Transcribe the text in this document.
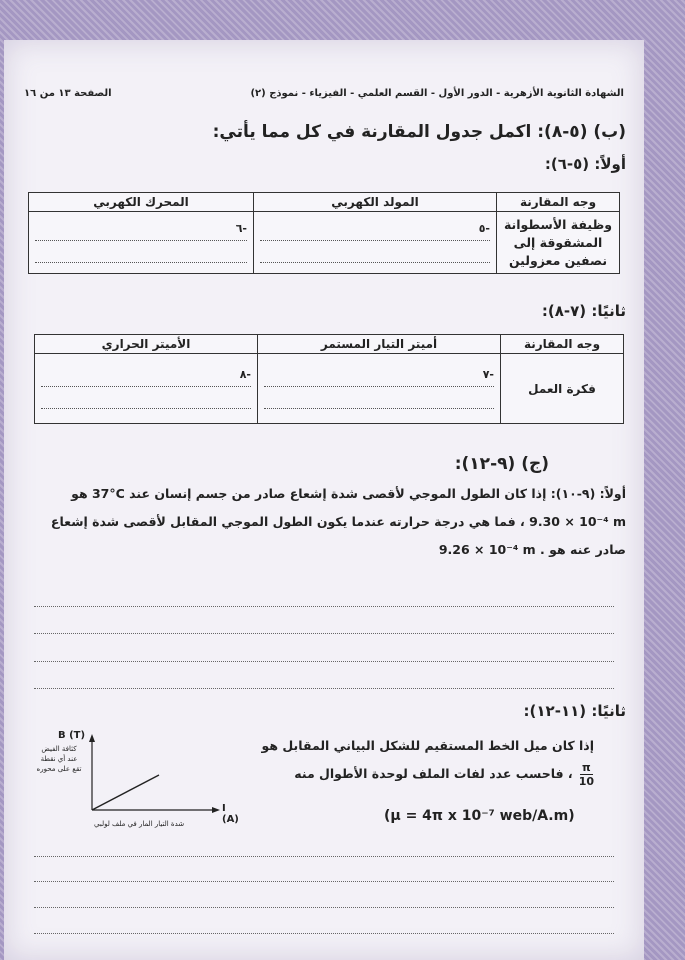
الشهادة الثانوية الأزهرية - الدور الأول - القسم العلمي - الفيزياء - نموذج (٢)
الصفحة ١٣ من ١٦
(ب) (٥-٨): اكمل جدول المقارنة في كل مما يأتي:
أولاً: (٥-٦):
وجه المقارنة	المولد الكهربي	المحرك الكهربي
وظيفة الأسطوانة المشقوقة إلى نصفين معزولين	-٥	-٦
ثانيًا: (٧-٨):
وجه المقارنة	أميتر التيار المستمر	الأميتر الحراري
فكرة العمل	-٧	-٨
(ج) (٩-١٢):
أولاً: (٩-١٠): إذا كان الطول الموجي لأقصى شدة إشعاع صادر من جسم إنسان عند 37°C هو
9.30 × 10⁻⁴ m ، فما هي درجة حرارته عندما يكون الطول الموجي المقابل لأقصى شدة إشعاع
صادر عنه هو 9.26 × 10⁻⁴ m .
ثانيًا: (١١-١٢):
إذا كان ميل الخط المستقيم للشكل البياني المقابل هو
$\frac{\pi}{10}$
، فاحسب عدد لفات الملف لوحدة الأطوال منه
(μ = 4π x 10⁻⁷ web/A.m)
B (T)
كثافة الفيض عند أي نقطة تقع على محوره
I (A)
شدة التيار المار في ملف لولبي
